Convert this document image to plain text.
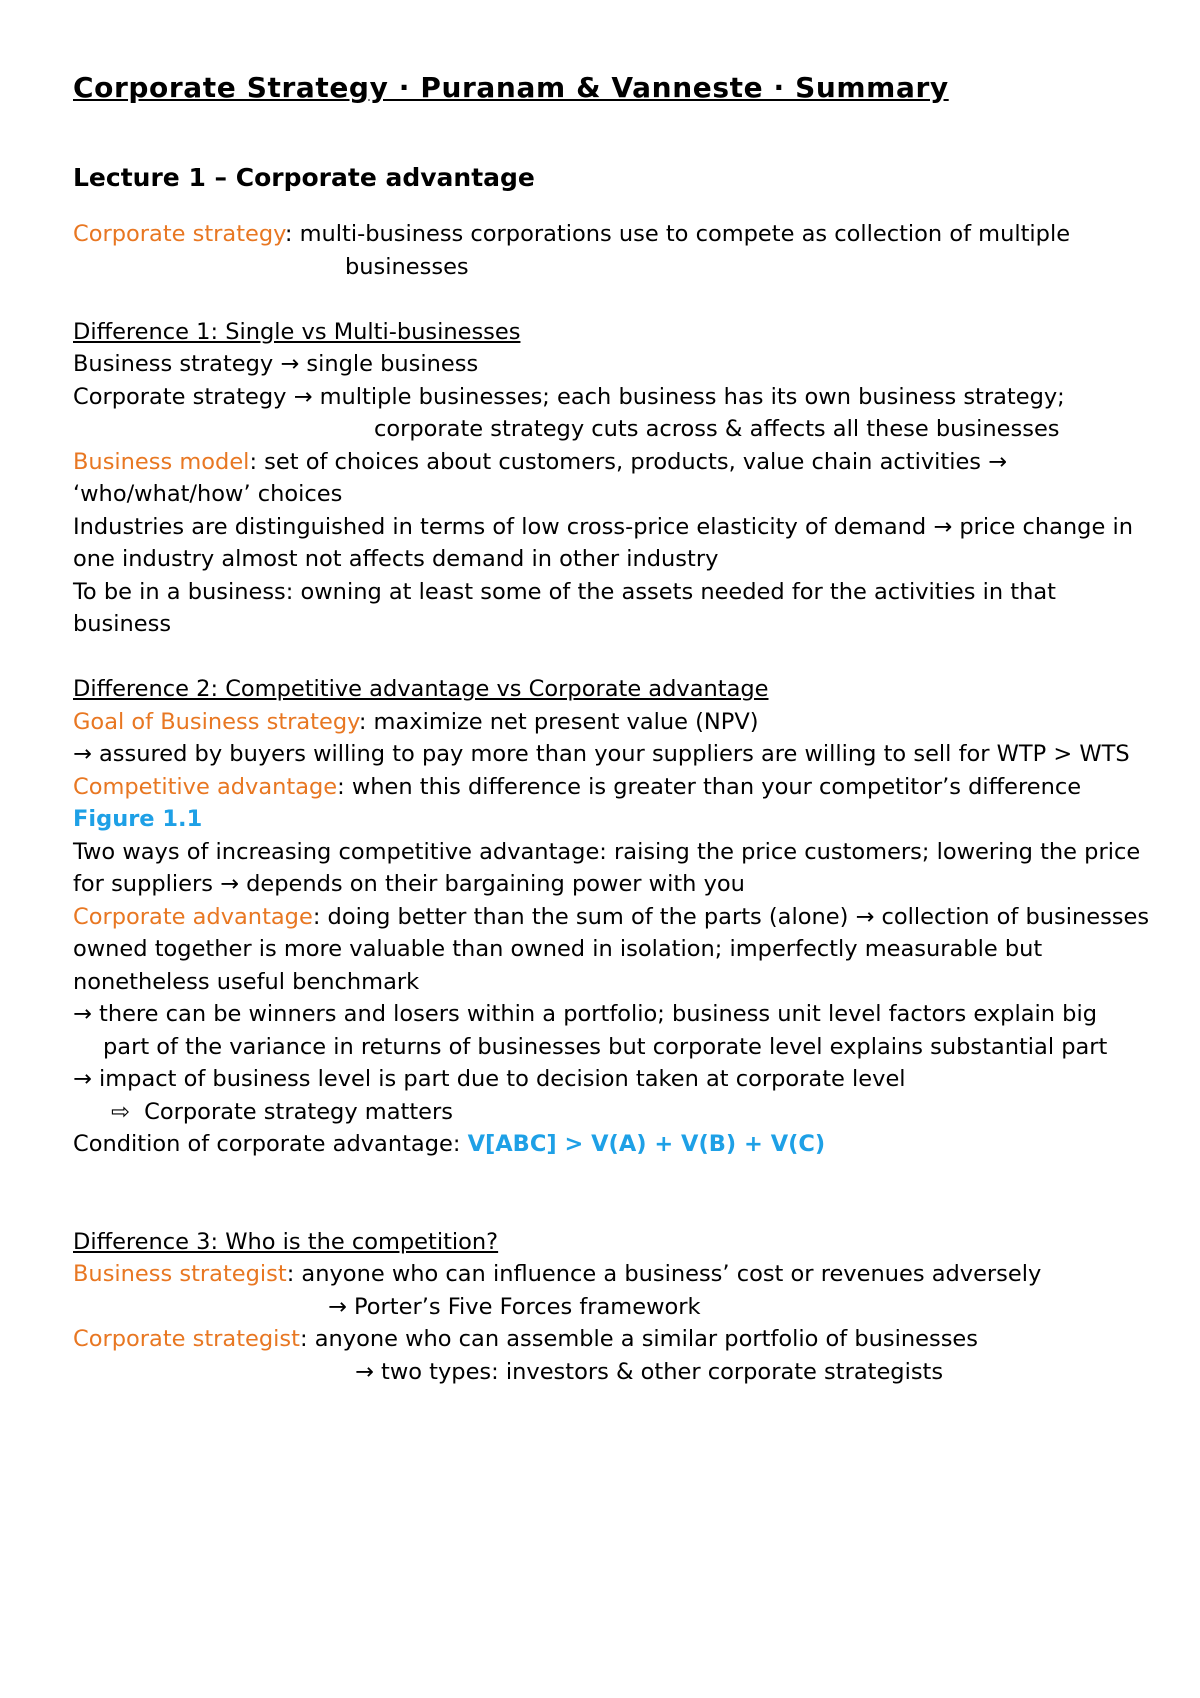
Corporate Strategy · Puranam & Vanneste · Summary
Lecture 1 – Corporate advantage

Corporate strategy: multi-business corporations use to compete as collection of multiple

businesses

Difference 1: Single vs Multi-businesses

Business strategy → single business

Corporate strategy → multiple businesses; each business has its own business strategy;

corporate strategy cuts across & affects all these businesses

Business model: set of choices about customers, products, value chain activities → ‘who/what/how’ choices

Industries are distinguished in terms of low cross-price elasticity of demand → price change in one industry almost not affects demand in other industry

To be in a business: owning at least some of the assets needed for the activities in that business

Difference 2: Competitive advantage vs Corporate advantage

Goal of Business strategy: maximize net present value (NPV)

→ assured by buyers willing to pay more than your suppliers are willing to sell for WTP > WTS

Competitive advantage: when this difference is greater than your competitor’s difference

Figure 1.1

Two ways of increasing competitive advantage: raising the price customers; lowering the price for suppliers → depends on their bargaining power with you

Corporate advantage: doing better than the sum of the parts (alone) → collection of businesses owned together is more valuable than owned in isolation; imperfectly measurable but nonetheless useful benchmark

→ there can be winners and losers within a portfolio; business unit level factors explain big

part of the variance in returns of businesses but corporate level explains substantial part

→ impact of business level is part due to decision taken at corporate level

⇨ Corporate strategy matters

Condition of corporate advantage: V[ABC] > V(A) + V(B) + V(C)

Difference 3: Who is the competition?

Business strategist: anyone who can influence a business’ cost or revenues adversely

→ Porter’s Five Forces framework

Corporate strategist: anyone who can assemble a similar portfolio of businesses

→ two types: investors & other corporate strategists
